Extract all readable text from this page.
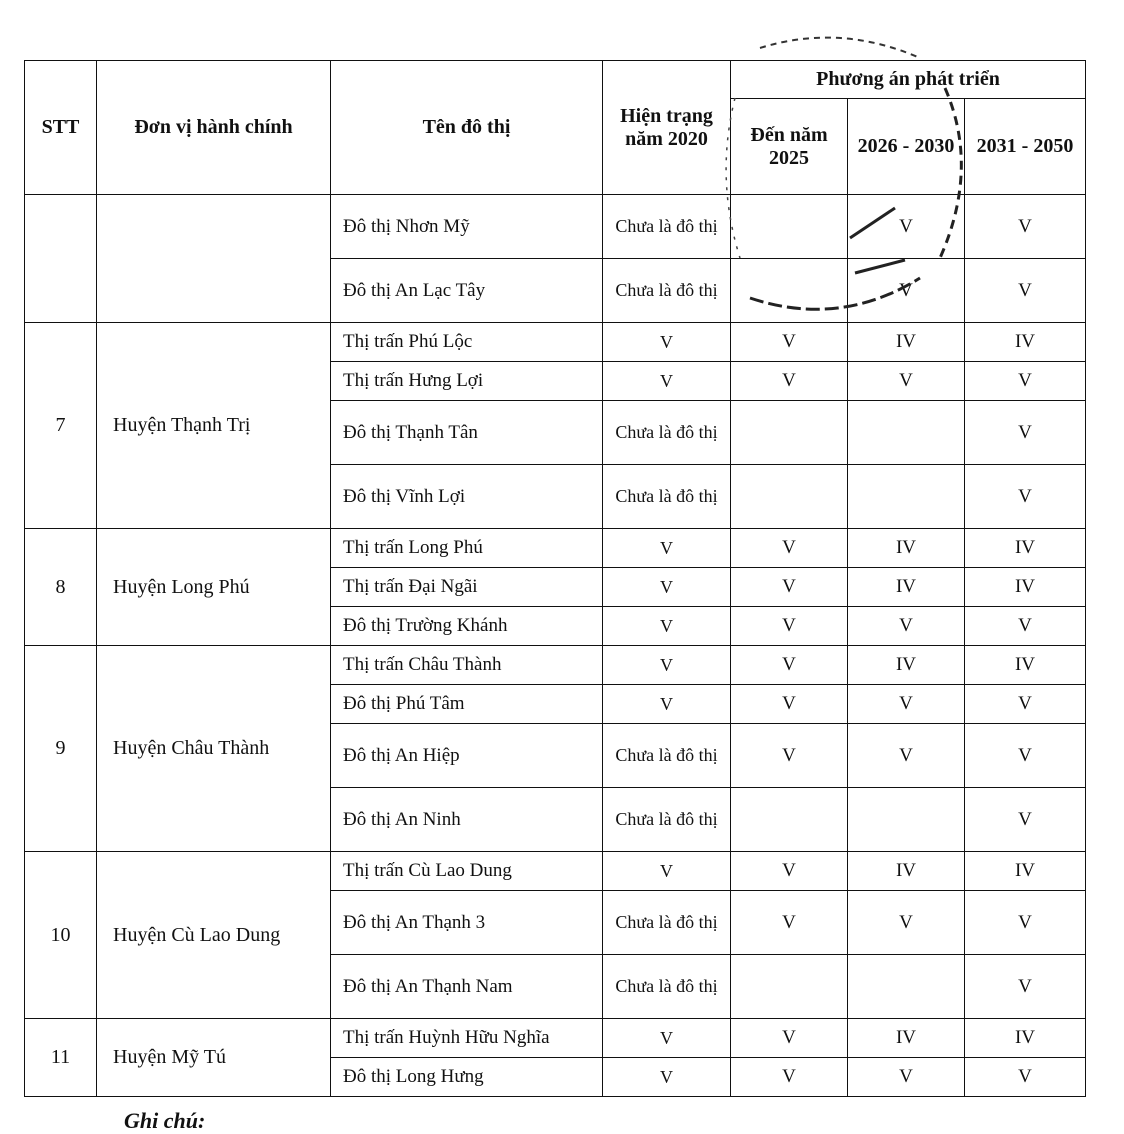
STT	Đơn vị hành chính	Tên đô thị	Hiện trạng năm 2020	Phương án phát triển		
				Đến năm 2025	2026 - 2030	2031 - 2050
		Đô thị Nhơn Mỹ	Chưa là đô thị		V	V
		Đô thị An Lạc Tây	Chưa là đô thị		V	V
7	Huyện Thạnh Trị	Thị trấn Phú Lộc	V	V	IV	IV
		Thị trấn Hưng Lợi	V	V	V	V
		Đô thị Thạnh Tân	Chưa là đô thị			V
		Đô thị Vĩnh Lợi	Chưa là đô thị			V
8	Huyện Long Phú	Thị trấn Long Phú	V	V	IV	IV
		Thị trấn Đại Ngãi	V	V	IV	IV
		Đô thị Trường Khánh	V	V	V	V
9	Huyện Châu Thành	Thị trấn Châu Thành	V	V	IV	IV
		Đô thị Phú Tâm	V	V	V	V
		Đô thị An Hiệp	Chưa là đô thị	V	V	V
		Đô thị An Ninh	Chưa là đô thị			V
10	Huyện Cù Lao Dung	Thị trấn Cù Lao Dung	V	V	IV	IV
		Đô thị An Thạnh 3	Chưa là đô thị	V	V	V
		Đô thị An Thạnh Nam	Chưa là đô thị			V
11	Huyện Mỹ Tú	Thị trấn Huỳnh Hữu Nghĩa	V	V	IV	IV
		Đô thị Long Hưng	V	V	V	V
Ghi chú:
